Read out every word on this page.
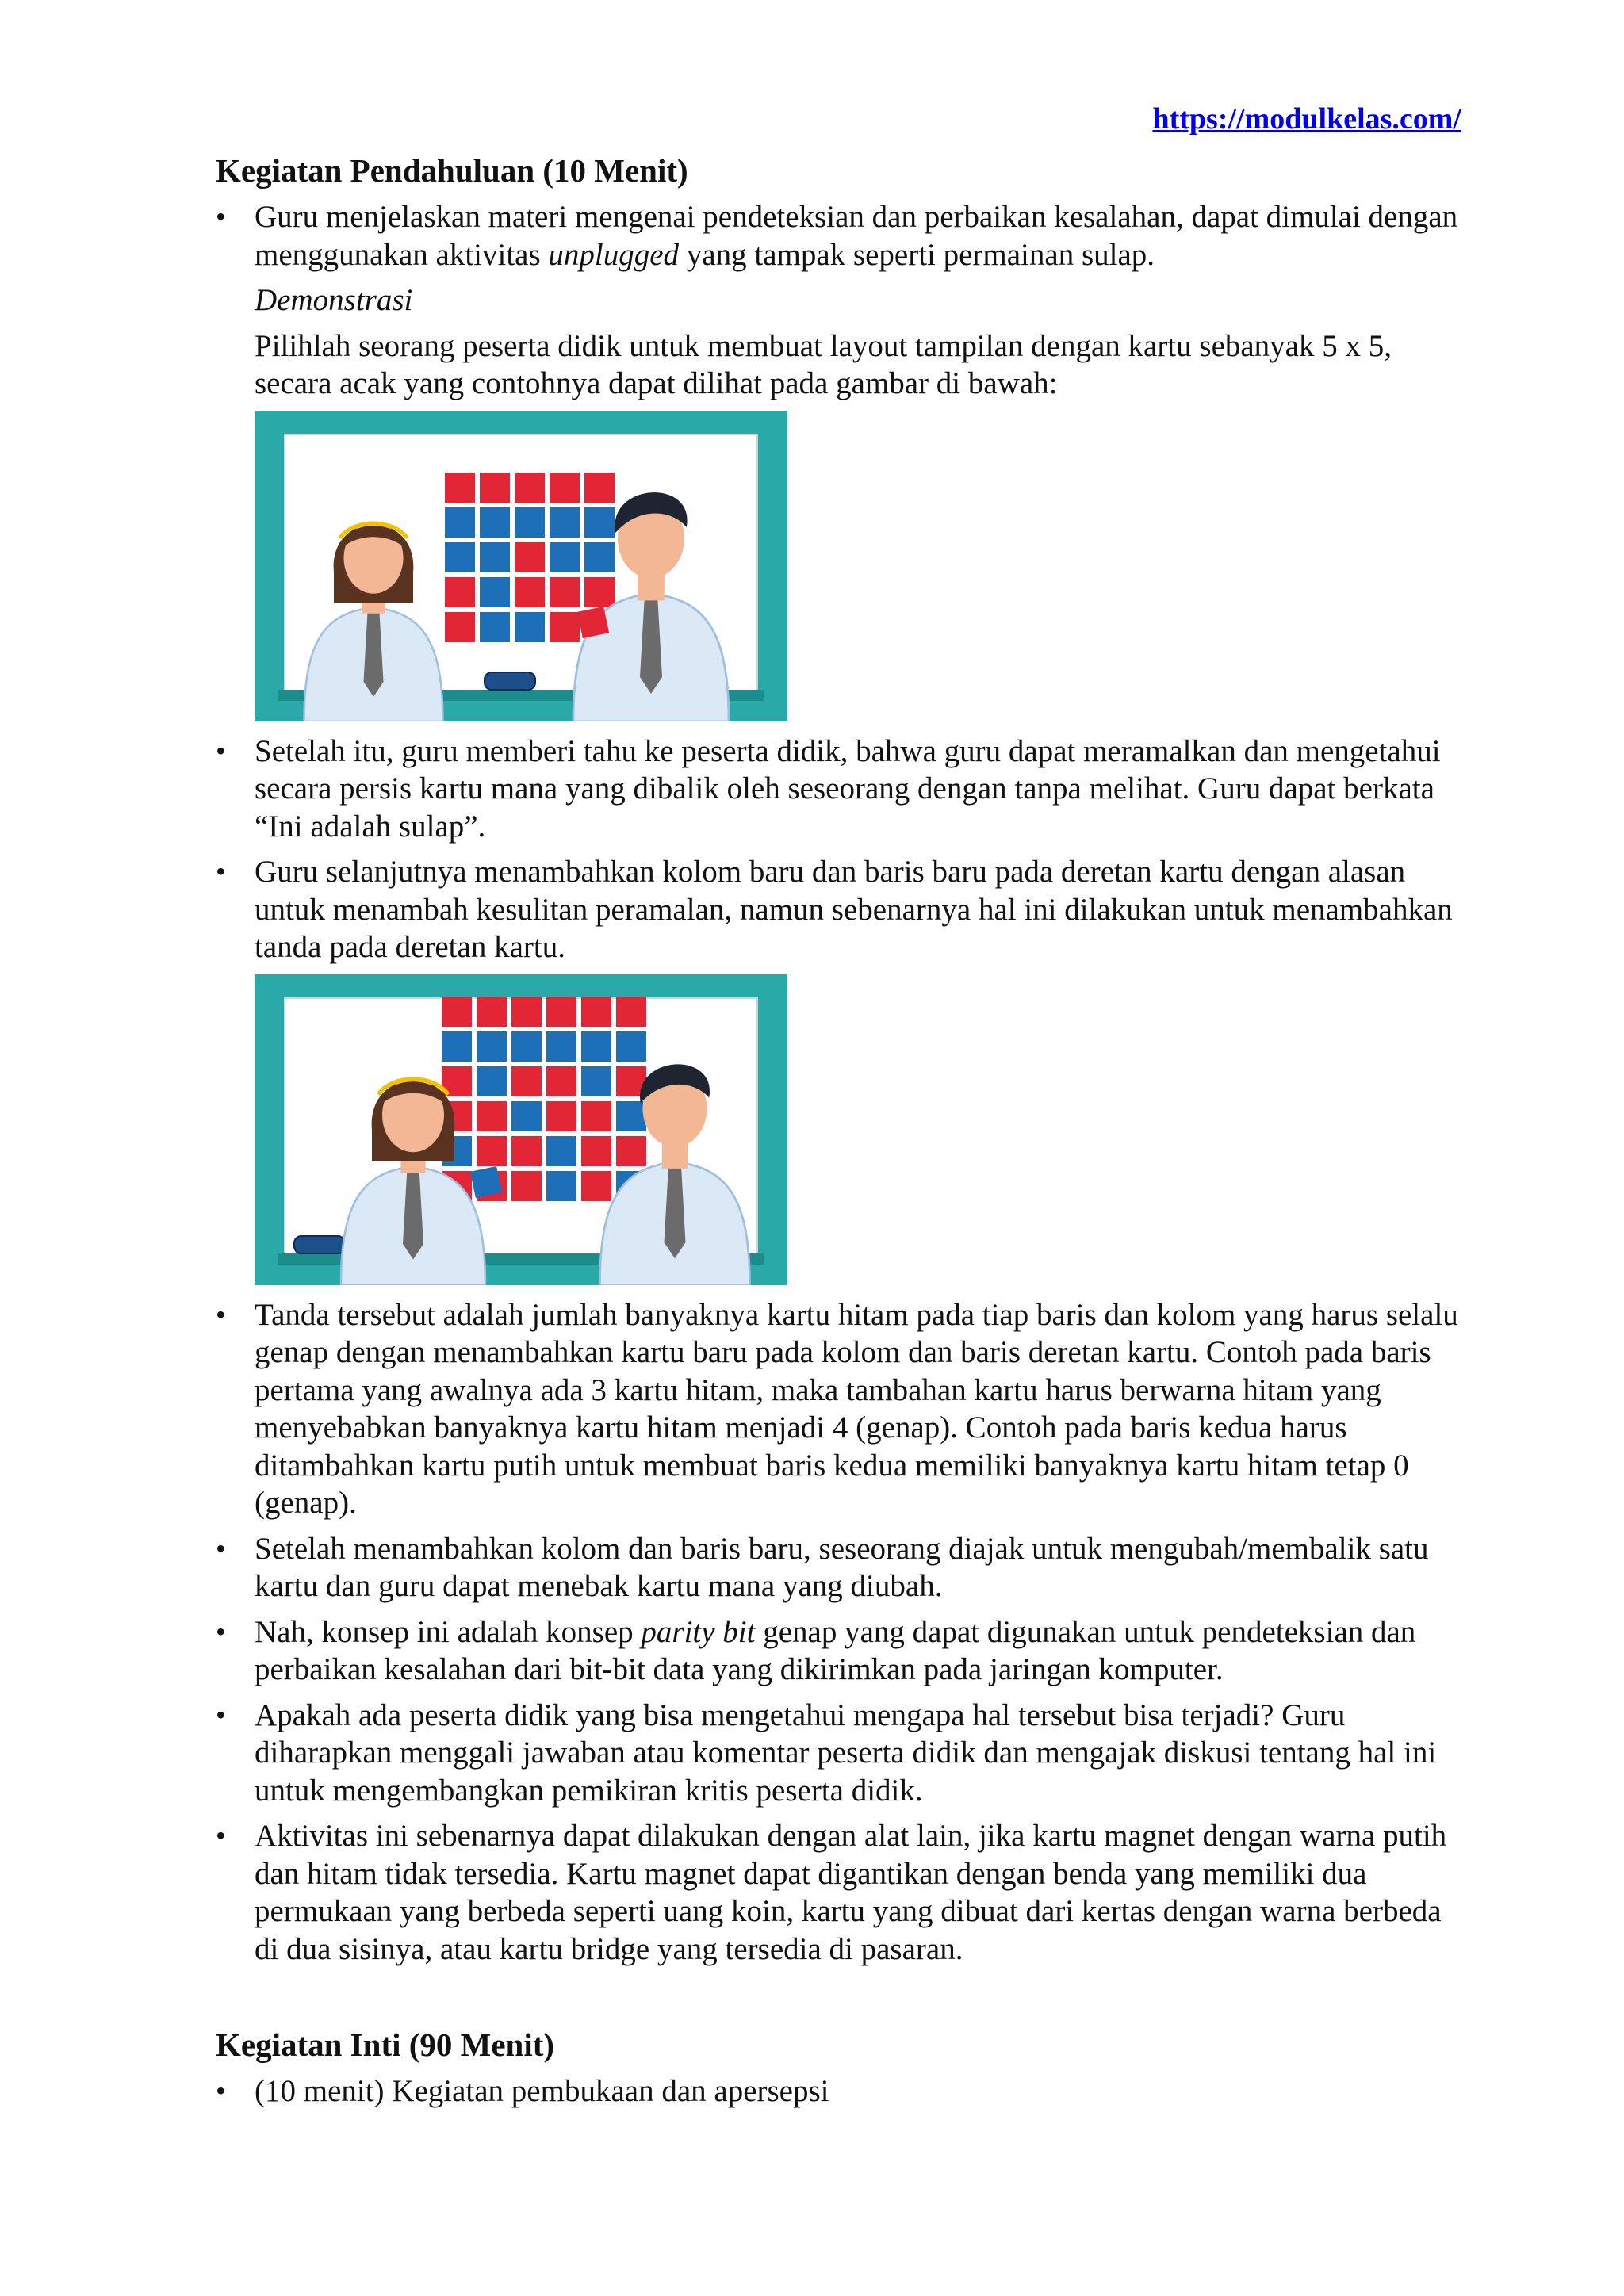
https://modulkelas.com/
Kegiatan Pendahuluan (10 Menit)
• Guru menjelaskan materi mengenai pendeteksian dan perbaikan kesalahan, dapat dimulai dengan menggunakan aktivitas unplugged yang tampak seperti permainan sulap.
Demonstrasi
Pilihlah seorang peserta didik untuk membuat layout tampilan dengan kartu sebanyak 5 x 5, secara acak yang contohnya dapat dilihat pada gambar di bawah:
• Setelah itu, guru memberi tahu ke peserta didik, bahwa guru dapat meramalkan dan mengetahui secara persis kartu mana yang dibalik oleh seseorang dengan tanpa melihat. Guru dapat berkata “Ini adalah sulap”.
• Guru selanjutnya menambahkan kolom baru dan baris baru pada deretan kartu dengan alasan untuk menambah kesulitan peramalan, namun sebenarnya hal ini dilakukan untuk menambahkan tanda pada deretan kartu.
• Tanda tersebut adalah jumlah banyaknya kartu hitam pada tiap baris dan kolom yang harus selalu genap dengan menambahkan kartu baru pada kolom dan baris deretan kartu. Contoh pada baris pertama yang awalnya ada 3 kartu hitam, maka tambahan kartu harus berwarna hitam yang menyebabkan banyaknya kartu hitam menjadi 4 (genap). Contoh pada baris kedua harus ditambahkan kartu putih untuk membuat baris kedua memiliki banyaknya kartu hitam tetap 0 (genap).
• Setelah menambahkan kolom dan baris baru, seseorang diajak untuk mengubah/membalik satu kartu dan guru dapat menebak kartu mana yang diubah.
• Nah, konsep ini adalah konsep parity bit genap yang dapat digunakan untuk pendeteksian dan perbaikan kesalahan dari bit-bit data yang dikirimkan pada jaringan komputer.
• Apakah ada peserta didik yang bisa mengetahui mengapa hal tersebut bisa terjadi? Guru diharapkan menggali jawaban atau komentar peserta didik dan mengajak diskusi tentang hal ini untuk mengembangkan pemikiran kritis peserta didik.
• Aktivitas ini sebenarnya dapat dilakukan dengan alat lain, jika kartu magnet dengan warna putih dan hitam tidak tersedia. Kartu magnet dapat digantikan dengan benda yang memiliki dua permukaan yang berbeda seperti uang koin, kartu yang dibuat dari kertas dengan warna berbeda di dua sisinya, atau kartu bridge yang tersedia di pasaran.
Kegiatan Inti (90 Menit)
• (10 menit) Kegiatan pembukaan dan apersepsi
